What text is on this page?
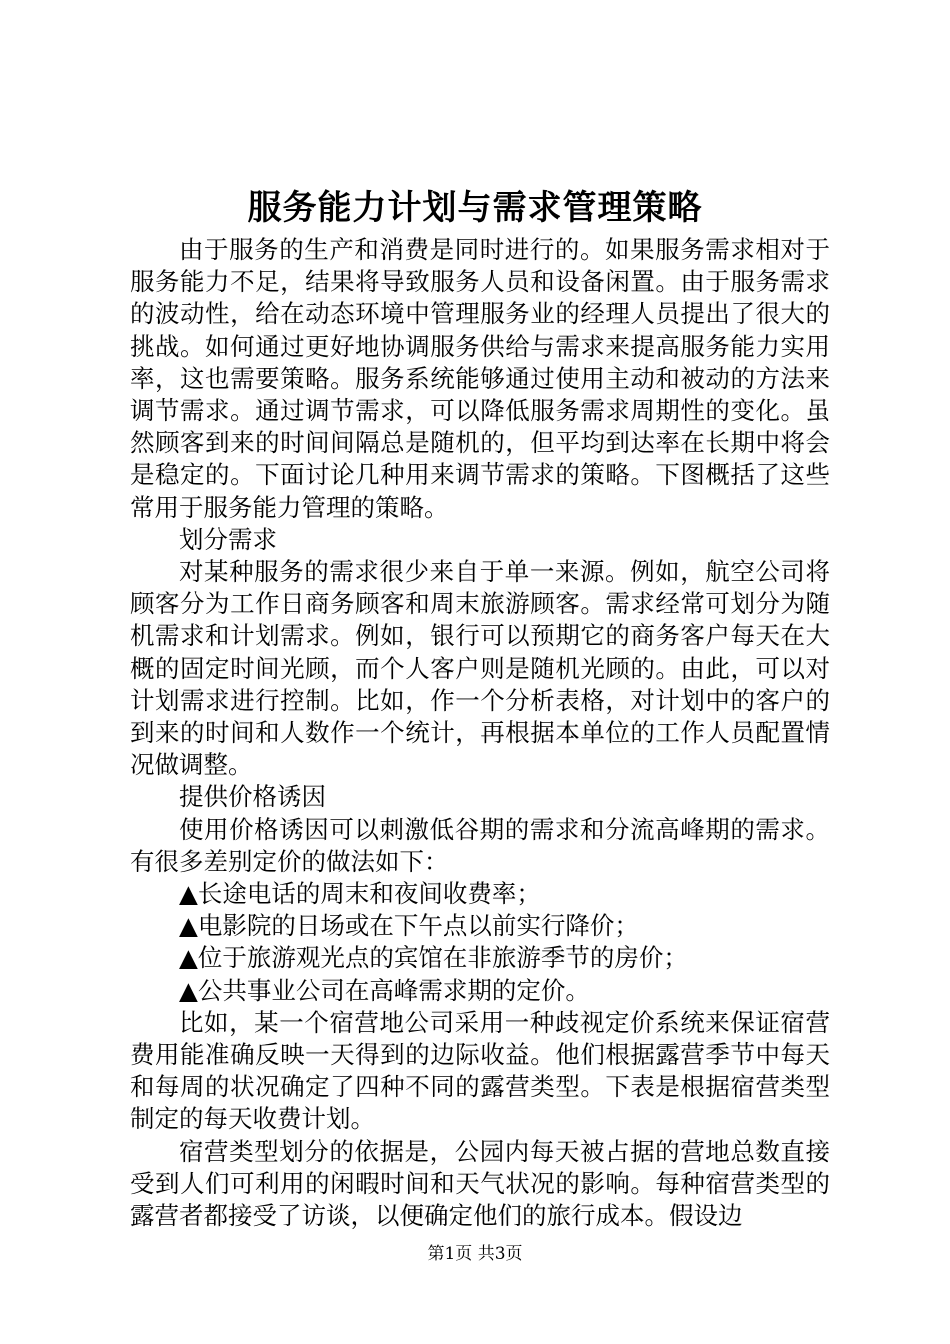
服务能力计划与需求管理策略

由于服务的生产和消费是同时进行的。如果服务需求相对于服务能力不足，结果将导致服务人员和设备闲置。由于服务需求的波动性，给在动态环境中管理服务业的经理人员提出了很大的挑战。如何通过更好地协调服务供给与需求来提高服务能力实用率，这也需要策略。服务系统能够通过使用主动和被动的方法来调节需求。通过调节需求，可以降低服务需求周期性的变化。虽然顾客到来的时间间隔总是随机的，但平均到达率在长期中将会是稳定的。下面讨论几种用来调节需求的策略。下图概括了这些常用于服务能力管理的策略。

划分需求

对某种服务的需求很少来自于单一来源。例如，航空公司将顾客分为工作日商务顾客和周末旅游顾客。需求经常可划分为随机需求和计划需求。例如，银行可以预期它的商务客户每天在大概的固定时间光顾，而个人客户则是随机光顾的。由此，可以对计划需求进行控制。比如，作一个分析表格，对计划中的客户的到来的时间和人数作一个统计，再根据本单位的工作人员配置情况做调整。

提供价格诱因

使用价格诱因可以刺激低谷期的需求和分流高峰期的需求。有很多差别定价的做法如下：

▲长途电话的周末和夜间收费率；

▲电影院的日场或在下午点以前实行降价；

▲位于旅游观光点的宾馆在非旅游季节的房价；

▲公共事业公司在高峰需求期的定价。

比如，某一个宿营地公司采用一种歧视定价系统来保证宿营费用能准确反映一天得到的边际收益。他们根据露营季节中每天和每周的状况确定了四种不同的露营类型。下表是根据宿营类型制定的每天收费计划。

宿营类型划分的依据是，公园内每天被占据的营地总数直接受到人们可利用的闲暇时间和天气状况的影响。每种宿营类型的露营者都接受了访谈，以便确定他们的旅行成本。假设边

第1页 共3页
